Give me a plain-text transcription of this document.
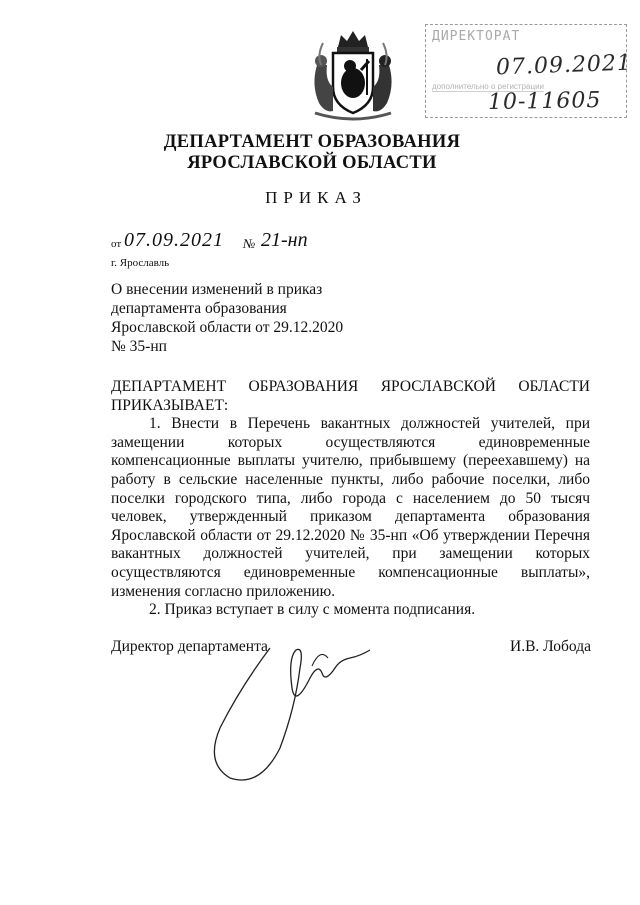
ДИРЕКТОРАТ
07.09.2021
дополнительно о регистрации
10-11605
ДЕПАРТАМЕНТ ОБРАЗОВАНИЯ
ЯРОСЛАВСКОЙ ОБЛАСТИ
ПРИКАЗ
от 07.09.2021 № 21-нп
г. Ярославль
О внесении изменений в приказ
департамента образования
Ярославской области от 29.12.2020
№ 35-нп

ДЕПАРТАМЕНТ ОБРАЗОВАНИЯ ЯРОСЛАВСКОЙ ОБЛАСТИ ПРИКАЗЫВАЕТ:

1. Внести в Перечень вакантных должностей учителей, при замещении которых осуществляются единовременные компенсационные выплаты учителю, прибывшему (переехавшему) на работу в сельские населенные пункты, либо рабочие поселки, либо поселки городского типа, либо города с населением до 50 тысяч человек, утвержденный приказом департамента образования Ярославской области от 29.12.2020 № 35-нп «Об утверждении Перечня вакантных должностей учителей, при замещении которых осуществляются единовременные компенсационные выплаты», изменения согласно приложению.

2. Приказ вступает в силу с момента подписания.

Директор департамента	И.В. Лобода
